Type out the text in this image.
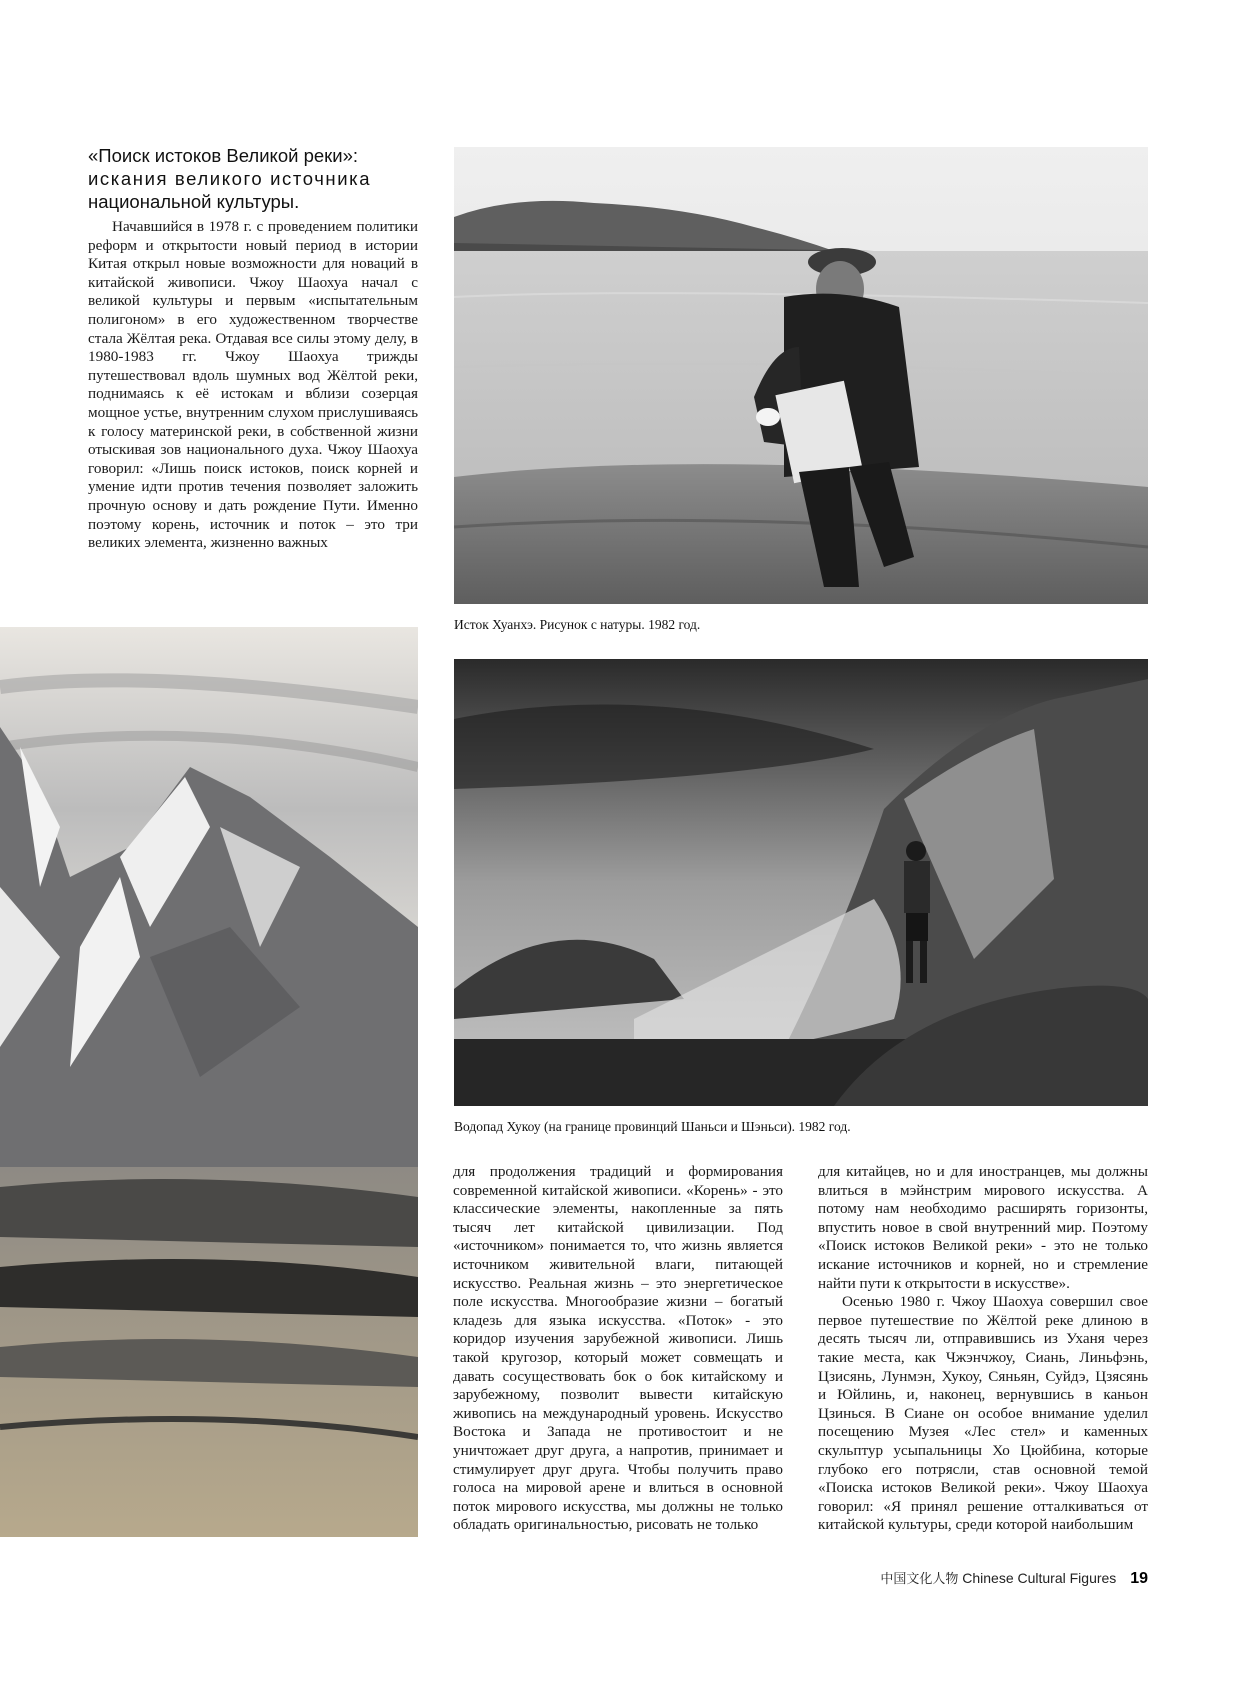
«Поиск истоков Великой реки»:
искания великого источника
национальной культуры.

Начавшийся в 1978 г. с проведением политики реформ и открытости новый период в истории Китая открыл новые возможности для новаций в китайской живописи. Чжоу Шаохуа начал с великой культуры и первым «испытательным полигоном» в его художественном творчестве стала Жёлтая река. Отдавая все силы этому делу, в 1980-1983 гг. Чжоу Шаохуа трижды путешествовал вдоль шумных вод Жёлтой реки, поднимаясь к её истокам и вблизи созерцая мощное устье, внутренним слухом прислушиваясь к голосу материнской реки, в собственной жизни отыскивая зов национального духа. Чжоу Шаохуа говорил: «Лишь поиск истоков, поиск корней и умение идти против течения позволяет заложить прочную основу и дать рождение Пути. Именно поэтому корень, источник и поток – это три великих элемента, жизненно важных

Исток Хуанхэ. Рисунок с натуры. 1982 год.
Водопад Хукоу (на границе провинций Шаньси и Шэньси). 1982 год.

для продолжения традиций и формирования современной китайской живописи. «Корень» - это классические элементы, накопленные за пять тысяч лет китайской цивилизации. Под «источником» понимается то, что жизнь является источником живительной влаги, питающей искусство. Реальная жизнь – это энергетическое поле искусства. Многообразие жизни – богатый кладезь для языка искусства. «Поток» - это коридор изучения зарубежной живописи. Лишь такой кругозор, который может совмещать и давать сосуществовать бок о бок китайскому и зарубежному, позволит вывести китайскую живопись на международный уровень. Искусство Востока и Запада не противостоит и не уничтожает друг друга, а напротив, принимает и стимулирует друг друга. Чтобы получить право голоса на мировой арене и влиться в основной поток мирового искусства, мы должны не только обладать оригинальностью, рисовать не только

для китайцев, но и для иностранцев, мы должны влиться в мэйнстрим мирового искусства. А потому нам необходимо расширять горизонты, впустить новое в свой внутренний мир. Поэтому «Поиск истоков Великой реки» - это не только искание источников и корней, но и стремление найти пути к открытости в искусстве».

Осенью 1980 г. Чжоу Шаохуа совершил свое первое путешествие по Жёлтой реке длиною в десять тысяч ли, отправившись из Уханя через такие места, как Чжэнчжоу, Сиань, Линьфэнь, Цзисянь, Лунмэн, Хукоу, Сяньян, Суйдэ, Цзясянь и Юйлинь, и, наконец, вернувшись в каньон Цзинься. В Сиане он особое внимание уделил посещению Музея «Лес стел» и каменных скульптур усыпальницы Хо Цюйбина, которые глубоко его потрясли, став основной темой «Поиска истоков Великой реки». Чжоу Шаохуа говорил: «Я принял решение отталкиваться от китайской культуры, среди которой наибольшим

中国文化人物 Chinese Cultural Figures 19
